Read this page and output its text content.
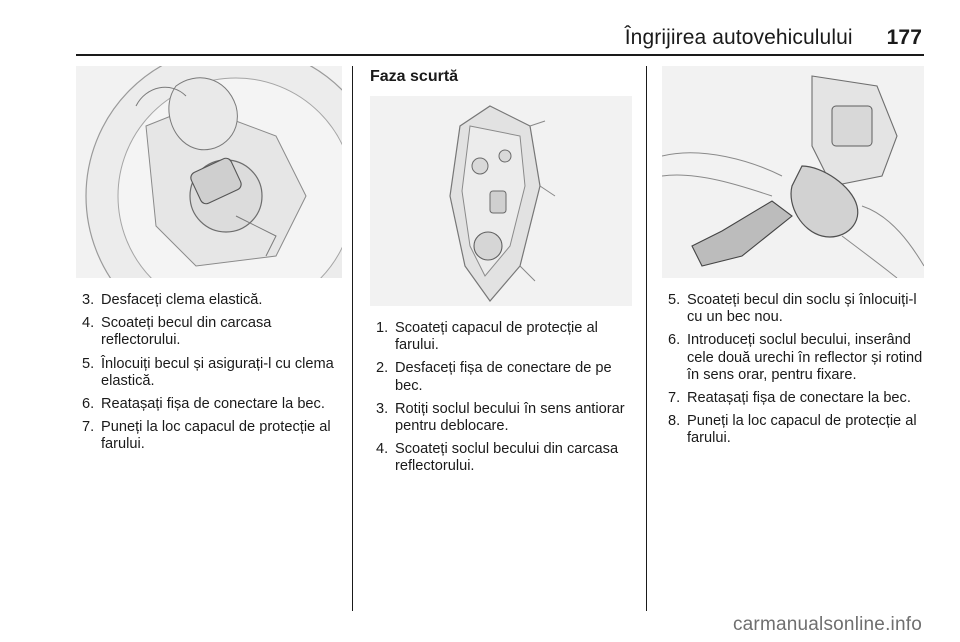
Îngrijirea autovehiculului 177
3. Desfaceți clema elastică.
4. Scoateți becul din carcasa reflectorului.
5. Înlocuiți becul și asigurați-l cu clema elastică.
6. Reatașați fișa de conectare la bec.
7. Puneți la loc capacul de protecție al farului.
Faza scurtă
1. Scoateți capacul de protecție al farului.
2. Desfaceți fișa de conectare de pe bec.
3. Rotiți soclul becului în sens antiorar pentru deblocare.
4. Scoateți soclul becului din carcasa reflectorului.
5. Scoateți becul din soclu și înlocuiți-l cu un bec nou.
6. Introduceți soclul becului, inserând cele două urechi în reflector și rotind în sens orar, pentru fixare.
7. Reatașați fișa de conectare la bec.
8. Puneți la loc capacul de protecție al farului.
carmanualsonline.info
